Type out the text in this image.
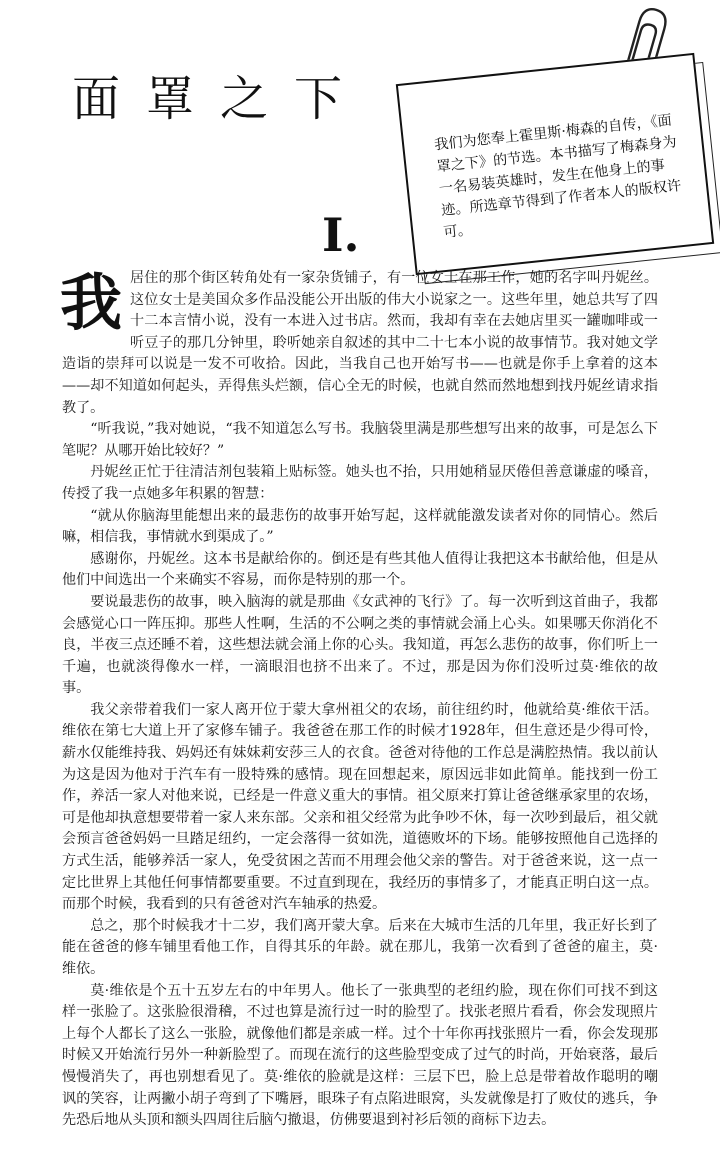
面罩之下
我们为您奉上霍里斯·梅森的自传，《面罩之下》的节选。本书描写了梅森身为一名易装英雄时，发生在他身上的事迹。所选章节得到了作者本人的版权许可。
I.

我居住的那个街区转角处有一家杂货铺子，有一位女士在那工作，她的名字叫丹妮丝。这位女士是美国众多作品没能公开出版的伟大小说家之一。这些年里，她总共写了四十二本言情小说，没有一本进入过书店。然而，我却有幸在去她店里买一罐咖啡或一听豆子的那几分钟里，聆听她亲自叙述的其中二十七本小说的故事情节。我对她文学造诣的崇拜可以说是一发不可收拾。因此，当我自己也开始写书——也就是你手上拿着的这本——却不知道如何起头，弄得焦头烂额，信心全无的时候，也就自然而然地想到找丹妮丝请求指教了。

“听我说，”我对她说，“我不知道怎么写书。我脑袋里满是那些想写出来的故事，可是怎么下笔呢？从哪开始比较好？”

丹妮丝正忙于往清洁剂包装箱上贴标签。她头也不抬，只用她稍显厌倦但善意谦虚的嗓音，传授了我一点她多年积累的智慧：

“就从你脑海里能想出来的最悲伤的故事开始写起，这样就能激发读者对你的同情心。然后嘛，相信我，事情就水到渠成了。”

感谢你，丹妮丝。这本书是献给你的。倒还是有些其他人值得让我把这本书献给他，但是从他们中间选出一个来确实不容易，而你是特别的那一个。

要说最悲伤的故事，映入脑海的就是那曲《女武神的飞行》了。每一次听到这首曲子，我都会感觉心口一阵压抑。那些人性啊，生活的不公啊之类的事情就会涌上心头。如果哪天你消化不良，半夜三点还睡不着，这些想法就会涌上你的心头。我知道，再怎么悲伤的故事，你们听上一千遍，也就淡得像水一样，一滴眼泪也挤不出来了。不过，那是因为你们没听过莫·维依的故事。

我父亲带着我们一家人离开位于蒙大拿州祖父的农场，前往纽约时，他就给莫·维依干活。维依在第七大道上开了家修车铺子。我爸爸在那工作的时候才1928年，但生意还是少得可怜，薪水仅能维持我、妈妈还有妹妹莉安莎三人的衣食。爸爸对待他的工作总是满腔热情。我以前认为这是因为他对于汽车有一股特殊的感情。现在回想起来，原因远非如此简单。能找到一份工作，养活一家人对他来说，已经是一件意义重大的事情。祖父原来打算让爸爸继承家里的农场，可是他却执意想要带着一家人来东部。父亲和祖父经常为此争吵不休，每一次吵到最后，祖父就会预言爸爸妈妈一旦踏足纽约，一定会落得一贫如洗，道德败坏的下场。能够按照他自己选择的方式生活，能够养活一家人，免受贫困之苦而不用理会他父亲的警告。对于爸爸来说，这一点一定比世界上其他任何事情都要重要。不过直到现在，我经历的事情多了，才能真正明白这一点。而那个时候，我看到的只有爸爸对汽车轴承的热爱。

总之，那个时候我才十二岁，我们离开蒙大拿。后来在大城市生活的几年里，我正好长到了能在爸爸的修车铺里看他工作，自得其乐的年龄。就在那儿，我第一次看到了爸爸的雇主，莫·维依。

莫·维依是个五十五岁左右的中年男人。他长了一张典型的老纽约脸，现在你们可找不到这样一张脸了。这张脸很滑稽，不过也算是流行过一时的脸型了。找张老照片看看，你会发现照片上每个人都长了这么一张脸，就像他们都是亲戚一样。过个十年你再找张照片一看，你会发现那时候又开始流行另外一种新脸型了。而现在流行的这些脸型变成了过气的时尚，开始衰落，最后慢慢消失了，再也别想看见了。莫·维依的脸就是这样：三层下巴，脸上总是带着故作聪明的嘲讽的笑容，让两撇小胡子弯到了下嘴唇，眼珠子有点陷进眼窝，头发就像是打了败仗的逃兵，争先恐后地从头顶和额头四周往后脑勺撤退，仿佛要退到衬衫后领的商标下边去。
